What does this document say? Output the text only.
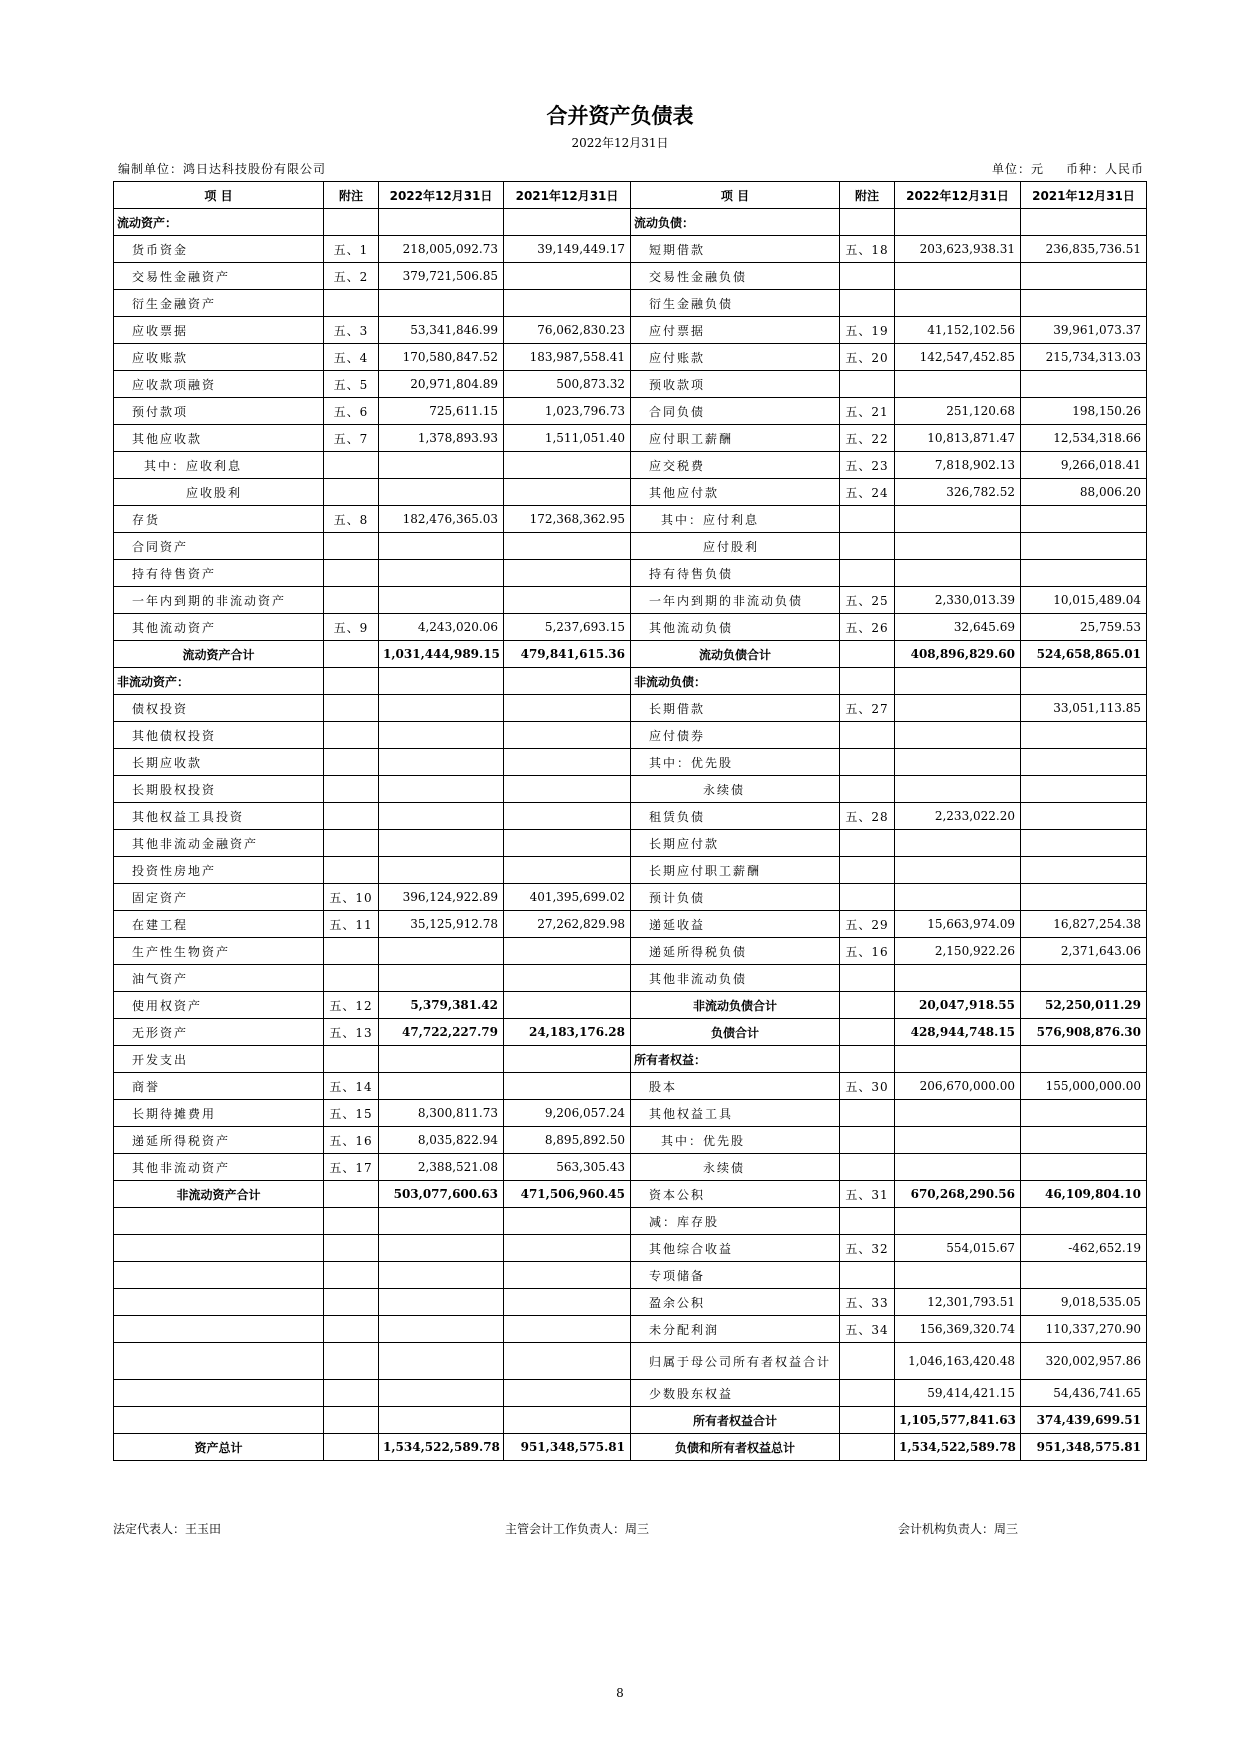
合并资产负债表
2022年12月31日
编制单位：鸿日达科技股份有限公司	单位：元 币种：人民币
项 目	附注	2022年12月31日	2021年12月31日	项 目	附注	2022年12月31日	2021年12月31日
流动资产：				流动负债：			
货币资金	五、1	218,005,092.73	39,149,449.17	短期借款	五、18	203,623,938.31	236,835,736.51
交易性金融资产	五、2	379,721,506.85		交易性金融负债			
衍生金融资产				衍生金融负债			
应收票据	五、3	53,341,846.99	76,062,830.23	应付票据	五、19	41,152,102.56	39,961,073.37
应收账款	五、4	170,580,847.52	183,987,558.41	应付账款	五、20	142,547,452.85	215,734,313.03
应收款项融资	五、5	20,971,804.89	500,873.32	预收款项			
预付款项	五、6	725,611.15	1,023,796.73	合同负债	五、21	251,120.68	198,150.26
其他应收款	五、7	1,378,893.93	1,511,051.40	应付职工薪酬	五、22	10,813,871.47	12,534,318.66
其中：应收利息				应交税费	五、23	7,818,902.13	9,266,018.41
应收股利				其他应付款	五、24	326,782.52	88,006.20
存货	五、8	182,476,365.03	172,368,362.95	其中：应付利息			
合同资产				应付股利			
持有待售资产				持有待售负债			
一年内到期的非流动资产				一年内到期的非流动负债	五、25	2,330,013.39	10,015,489.04
其他流动资产	五、9	4,243,020.06	5,237,693.15	其他流动负债	五、26	32,645.69	25,759.53
流动资产合计		1,031,444,989.15	479,841,615.36	流动负债合计		408,896,829.60	524,658,865.01
非流动资产：				非流动负债：			
债权投资				长期借款	五、27		33,051,113.85
其他债权投资				应付债券			
长期应收款				其中：优先股			
长期股权投资				永续债			
其他权益工具投资				租赁负债	五、28	2,233,022.20	
其他非流动金融资产				长期应付款			
投资性房地产				长期应付职工薪酬			
固定资产	五、10	396,124,922.89	401,395,699.02	预计负债			
在建工程	五、11	35,125,912.78	27,262,829.98	递延收益	五、29	15,663,974.09	16,827,254.38
生产性生物资产				递延所得税负债	五、16	2,150,922.26	2,371,643.06
油气资产				其他非流动负债			
使用权资产	五、12	5,379,381.42		非流动负债合计		20,047,918.55	52,250,011.29
无形资产	五、13	47,722,227.79	24,183,176.28	负债合计		428,944,748.15	576,908,876.30
开发支出				所有者权益：			
商誉	五、14			股本	五、30	206,670,000.00	155,000,000.00
长期待摊费用	五、15	8,300,811.73	9,206,057.24	其他权益工具			
递延所得税资产	五、16	8,035,822.94	8,895,892.50	其中：优先股			
其他非流动资产	五、17	2,388,521.08	563,305.43	永续债			
非流动资产合计		503,077,600.63	471,506,960.45	资本公积	五、31	670,268,290.56	46,109,804.10
				减：库存股			
				其他综合收益	五、32	554,015.67	-462,652.19
				专项储备			
				盈余公积	五、33	12,301,793.51	9,018,535.05
				未分配利润	五、34	156,369,320.74	110,337,270.90
				归属于母公司所有者权益合计		1,046,163,420.48	320,002,957.86
				少数股东权益		59,414,421.15	54,436,741.65
				所有者权益合计		1,105,577,841.63	374,439,699.51
资产总计		1,534,522,589.78	951,348,575.81	负债和所有者权益总计		1,534,522,589.78	951,348,575.81
法定代表人：王玉田	主管会计工作负责人：周三	会计机构负责人：周三
8
